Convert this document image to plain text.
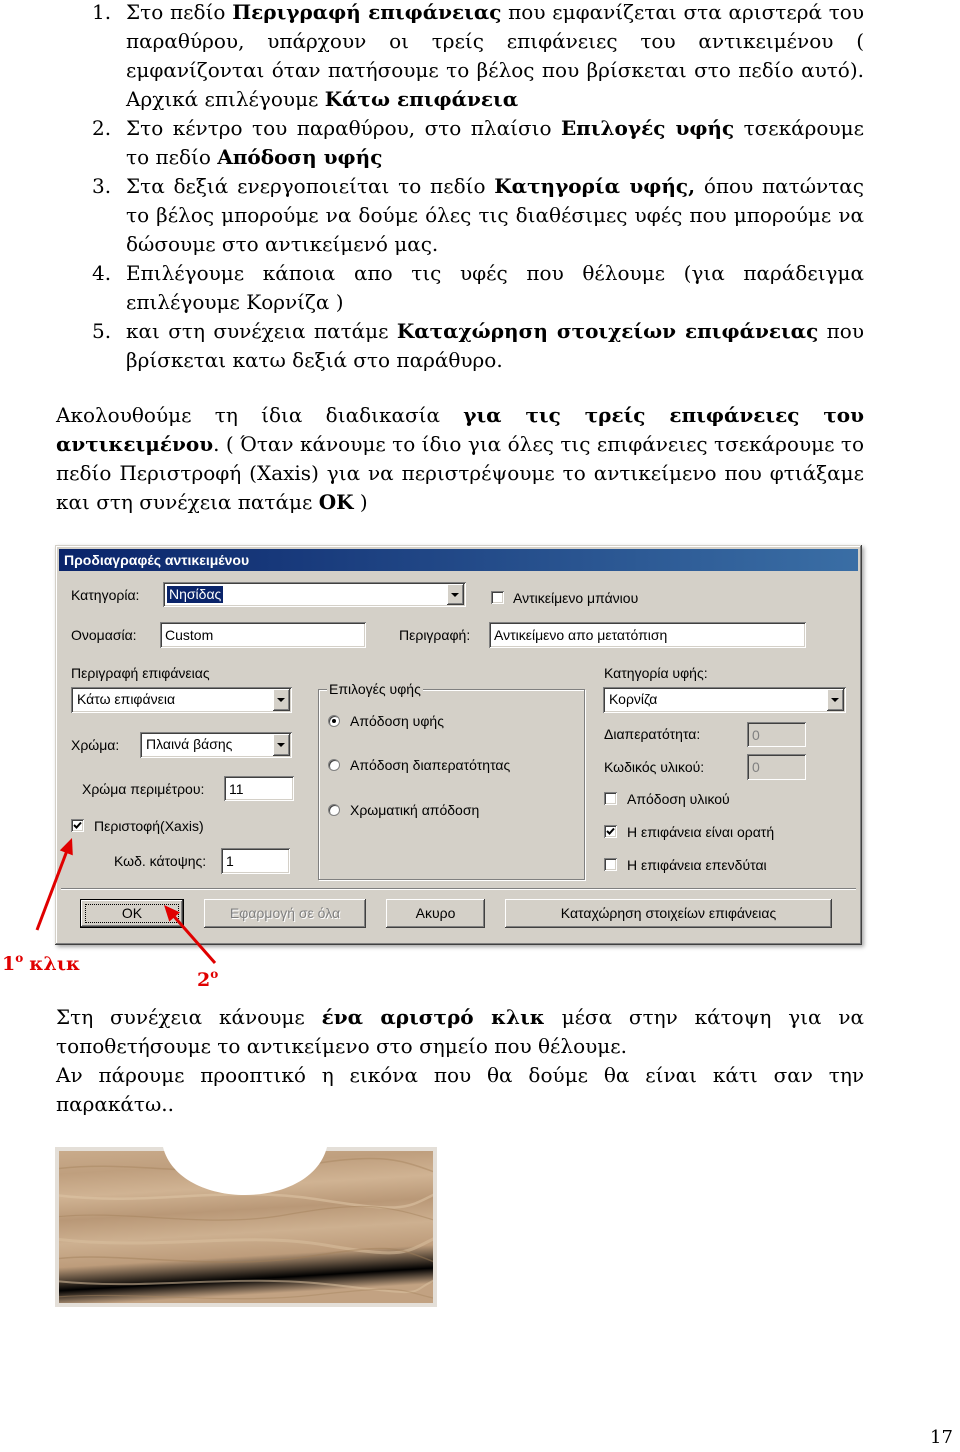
1. Στο πεδίο Περιγραφή επιφάνειας που εμφανίζεται στα αριστερά του παραθύρου, υπάρχουν οι τρείς επιφάνειες του αντικειμένου ( εμφανίζονται όταν πατήσουμε το βέλος που βρίσκεται στο πεδίο αυτό). Αρχικά επιλέγουμε Κάτω επιφάνεια
2. Στο κέντρο του παραθύρου, στο πλαίσιο Επιλογές υφής τσεκάρουμε το πεδίο Απόδοση υφής
3. Στα δεξιά ενεργοποιείται το πεδίο Κατηγορία υφής, όπου πατώντας το βέλος μπορούμε να δούμε όλες τις διαθέσιμες υφές που μπορούμε να δώσουμε στο αντικείμενό μας.
4. Επιλέγουμε κάποια απο τις υφές που θέλουμε (για παράδειγμα επιλέγουμε Κορνίζα )
5. και στη συνέχεια πατάμε Καταχώρηση στοιχείων επιφάνειας που βρίσκεται κατω δεξιά στο παράθυρο.

Ακολουθούμε τη ίδια διαδικασία για τις τρείς επιφάνειες του αντικειμένου. ( Όταν κάνουμε το ίδιο για όλες τις επιφάνειες τσεκάρουμε το πεδίο Περιστροφή (Xaxis) για να περιστρέψουμε το αντικείμενο που φτιάξαμε και στη συνέχεια πατάμε OK )

Προδιαγραφές αντικειμένου
Κατηγορία: Νησίδας	Αντικείμενο μπάνιου
Ονομασία:
Custom	Περιγραφή:
Αντικείμενο απο μετατόπιση
Περιγραφή επιφάνειας
Κάτω επιφάνεια
Χρώμα: Πλαινά βάσης
Χρώμα περιμέτρου:
11
Περιστοφή(Xaxis)
Κωδ. κάτοψης:
1
Επιλογές υφής
Απόδοση υφής
Απόδοση διαπερατότητας
Χρωματική απόδοση
Κατηγορία υφής:
Κορνίζα
Διαπερατότητα:
0
Κωδικός υλικού:
0
Απόδοση υλικού
Η επιφάνεια είναι ορατή
Η επιφάνεια επενδύται
OK	Εφαρμογή σε όλα	Ακυρο	Καταχώρηση στοιχείων επιφάνειας
$1^o$ κλικ
$2^o$

Στη συνέχεια κάνουμε ένα αριστρό κλικ μέσα στην κάτοψη για να τοποθετήσουμε το αντικείμενο στο σημείο που θέλουμε.

Αν πάρουμε προοπτικό η εικόνα που θα δούμε θα είναι κάτι σαν την παρακάτω..

17
